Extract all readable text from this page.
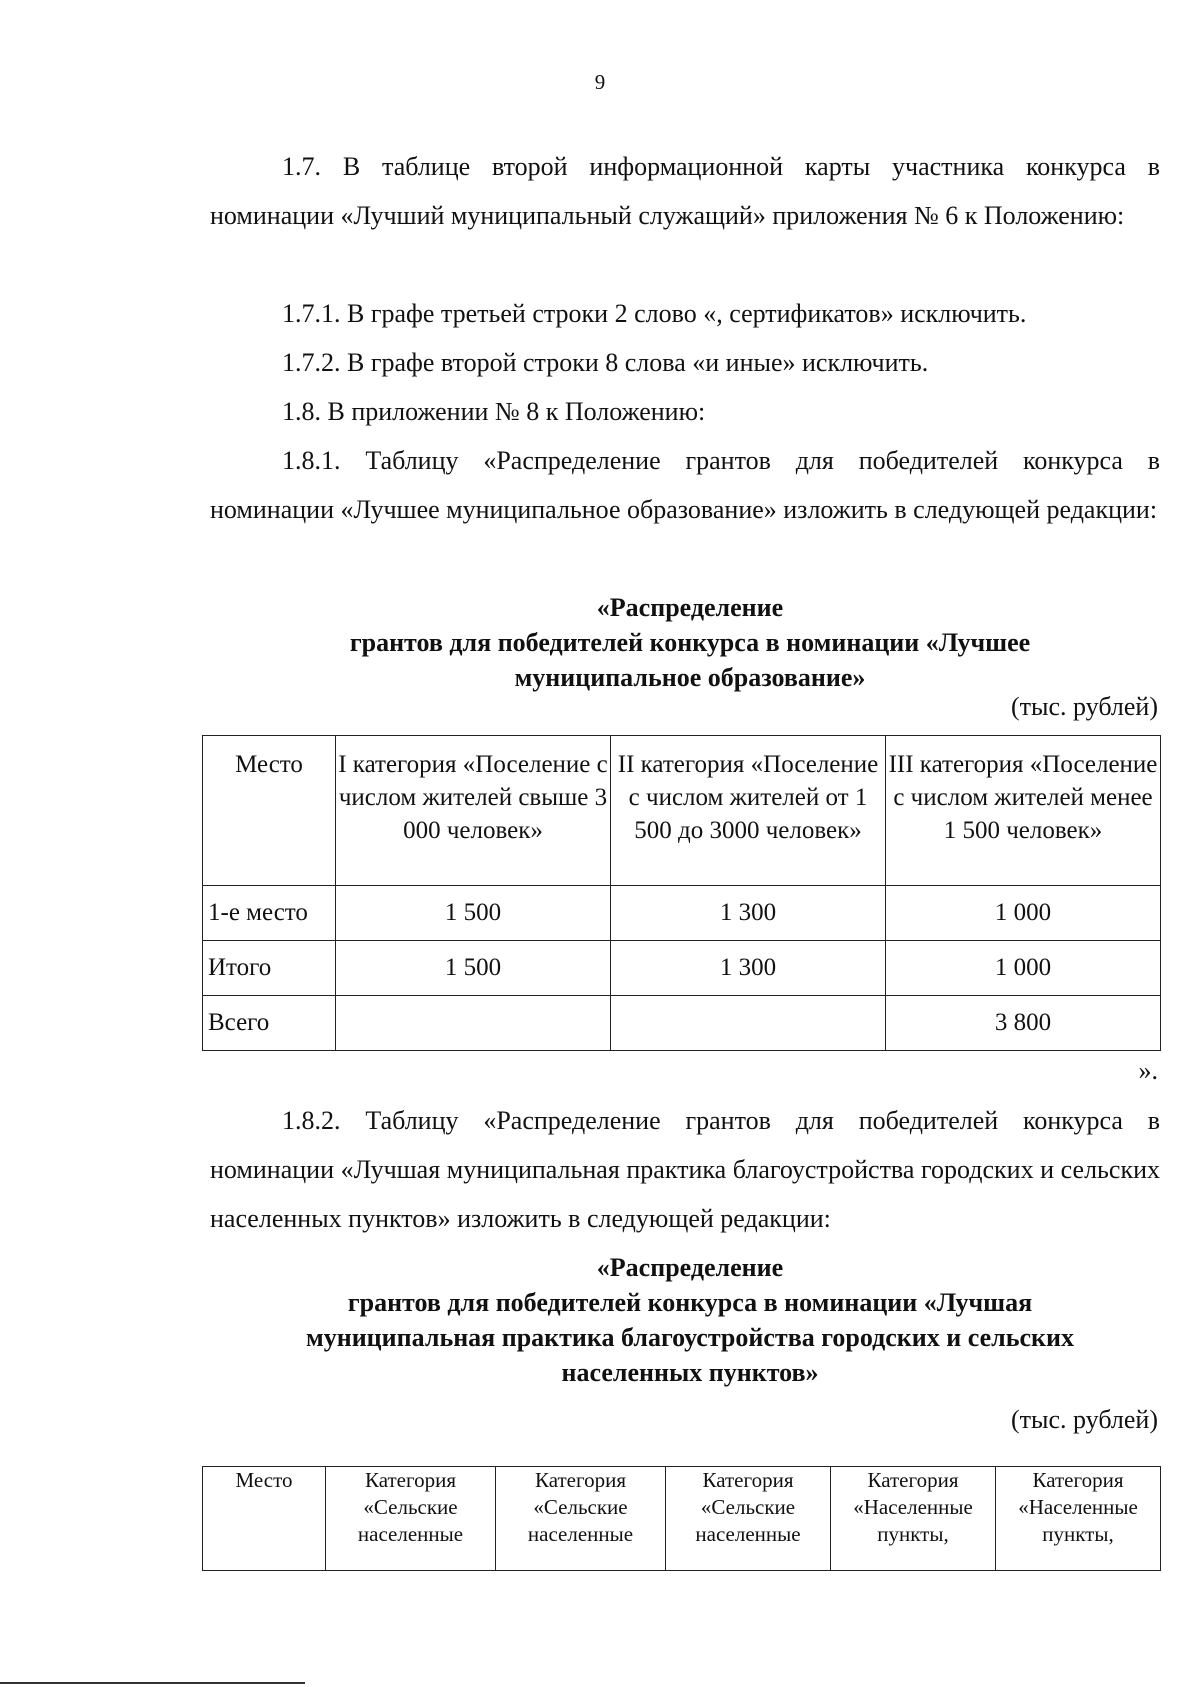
9

1.7. В таблице второй информационной карты участника конкурса в номинации «Лучший муниципальный служащий» приложения № 6 к Положению:

1.7.1. В графе третьей строки 2 слово «, сертификатов» исключить.

1.7.2. В графе второй строки 8 слова «и иные» исключить.

1.8. В приложении № 8 к Положению:

1.8.1. Таблицу «Распределение грантов для победителей конкурса в номинации «Лучшее муниципальное образование» изложить в следующей редакции:

«Распределение
грантов для победителей конкурса в номинации «Лучшее
муниципальное образование»
(тыс. рублей)
Место	I категория «Поселение с числом жителей свыше 3 000 человек»	II категория «Поселение с числом жителей от 1 500 до 3000 человек»	III категория «Поселение с числом жителей менее 1 500 человек»
1-е место	1 500	1 300	1 000
Итого	1 500	1 300	1 000
Всего			3 800
».

1.8.2. Таблицу «Распределение грантов для победителей конкурса в номинации «Лучшая муниципальная практика благоустройства городских и сельских населенных пунктов» изложить в следующей редакции:

«Распределение
грантов для победителей конкурса в номинации «Лучшая
муниципальная практика благоустройства городских и сельских
населенных пунктов»
(тыс. рублей)
Место	Категория «Сельские населенные	Категория «Сельские населенные	Категория «Сельские населенные	Категория «Населенные пункты,	Категория «Населенные пункты,
